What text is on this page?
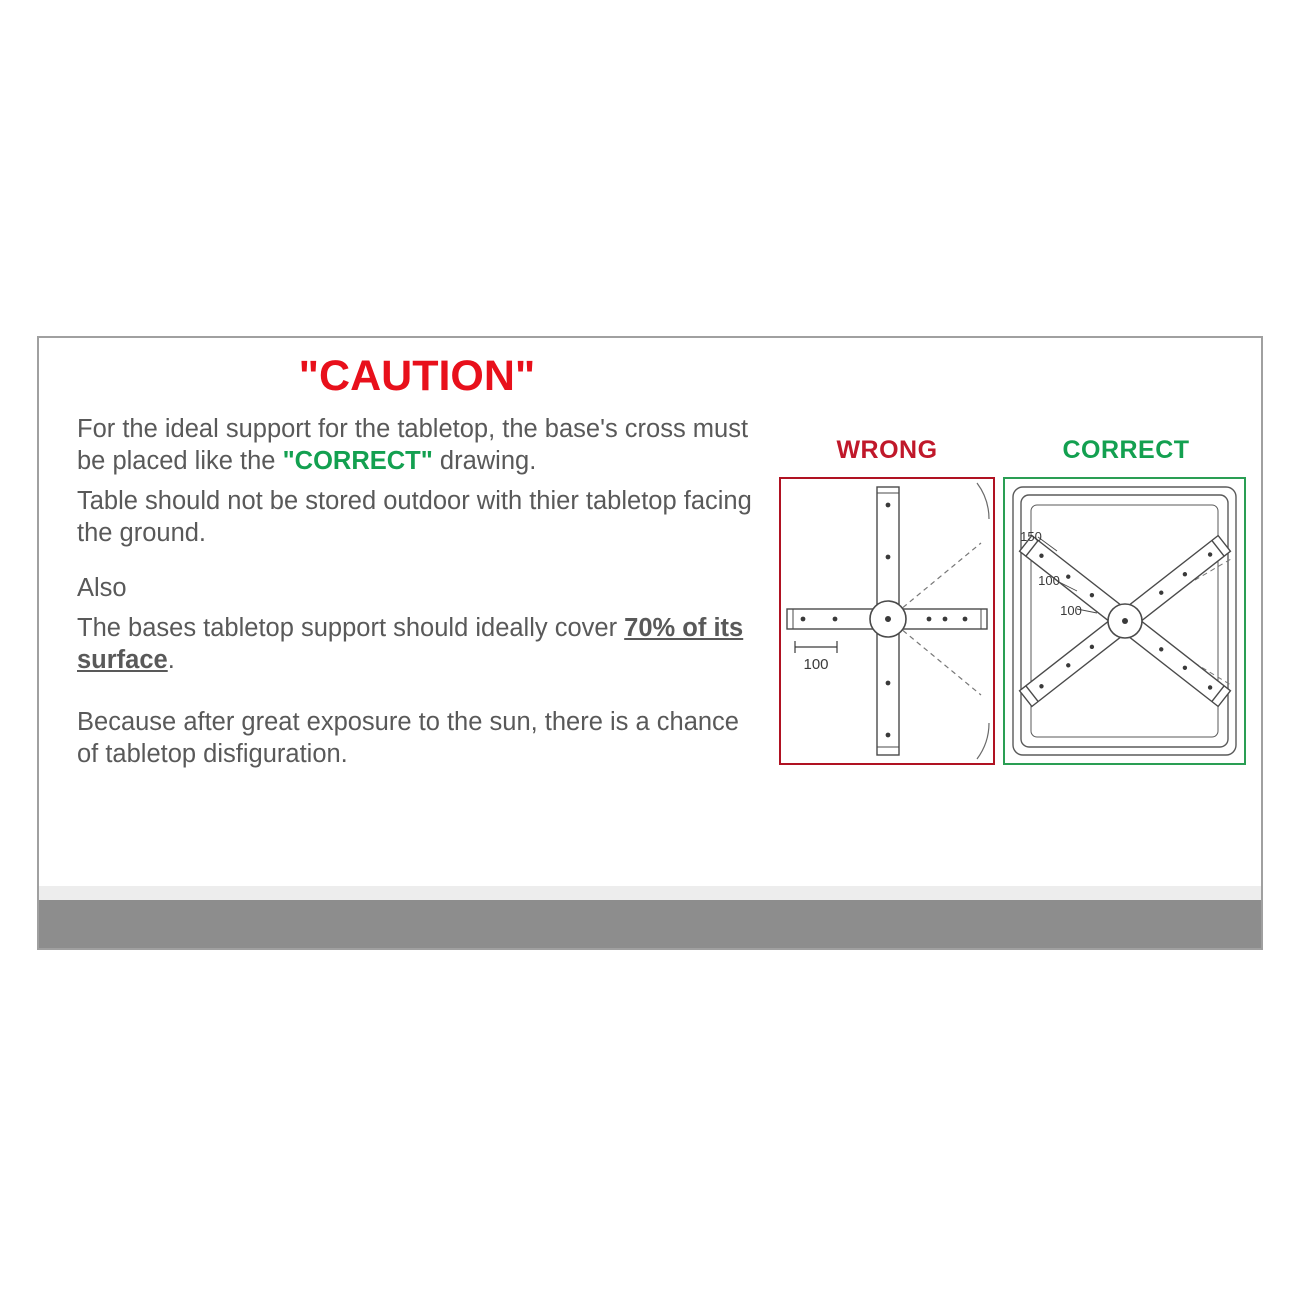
"CAUTION"

For the ideal support for the tabletop, the base's cross must be placed like the "CORRECT" drawing.

Table should not be stored outdoor with thier tabletop facing the ground.

Also

The bases tabletop support should ideally cover 70% of its surface.

Because after great exposure to the sun, there is a chance of tabletop disfiguration.

WRONG
100
CORRECT
150
100
100
